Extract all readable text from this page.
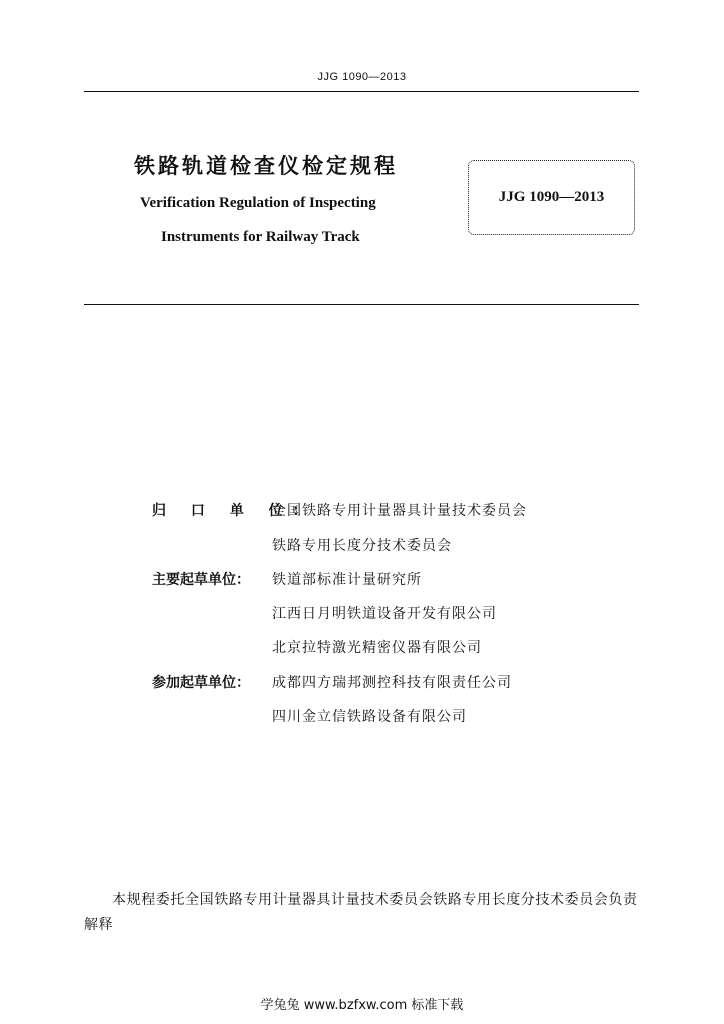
JJG 1090—2013
铁路轨道检查仪检定规程
Verification Regulation of Inspecting
Instruments for Railway Track
JJG 1090—2013
归 口 单 位：
全国铁路专用计量器具计量技术委员会
铁路专用长度分技术委员会
主要起草单位：	铁道部标准计量研究所
江西日月明铁道设备开发有限公司
北京拉特激光精密仪器有限公司
参加起草单位：	成都四方瑞邦测控科技有限责任公司
四川金立信铁路设备有限公司
本规程委托全国铁路专用计量器具计量技术委员会铁路专用长度分技术委员会负责解释
学兔兔 www.bzfxw.com 标准下载
